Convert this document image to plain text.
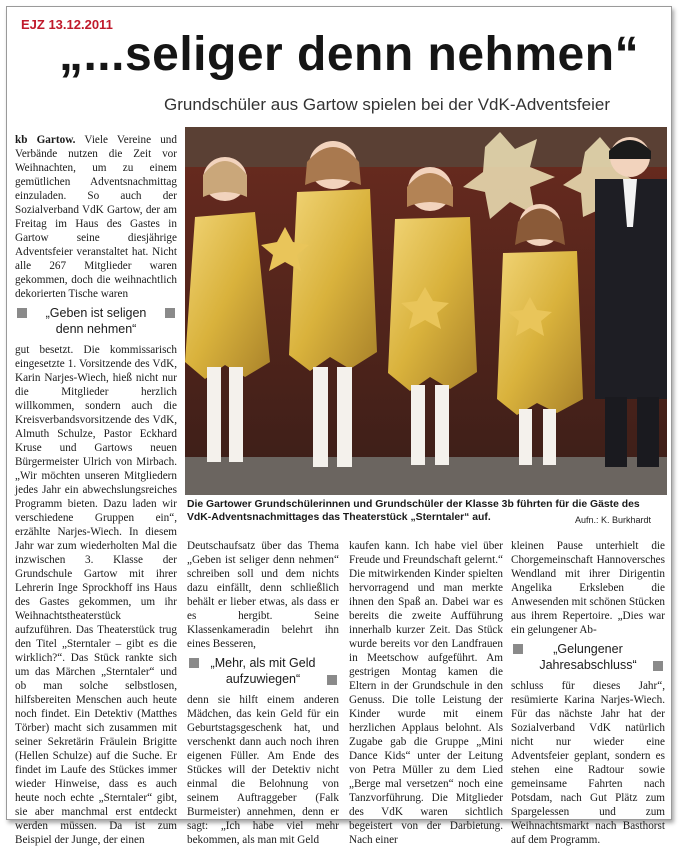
EJZ 13.12.2011
„...seliger denn nehmen“
Grundschüler aus Gartow spielen bei der VdK-Adventsfeier

kb Gartow. Viele Vereine und Verbände nutzen die Zeit vor Weihnachten, um zu einem gemütlichen Adventsnachmittag einzuladen. So auch der Sozialverband VdK Gartow, der am Freitag im Haus des Gastes in Gartow seine diesjährige Adventsfeier veranstaltet hat. Nicht alle 267 Mitglieder waren gekommen, doch die weihnachtlich dekorierten Tische waren

„Geben ist seligen denn nehmen“

gut besetzt. Die kommissarisch eingesetzte 1. Vorsitzende des VdK, Karin Narjes-Wiech, hieß nicht nur die Mitglieder herzlich willkommen, sondern auch die Kreisverbandsvorsitzende des VdK, Almuth Schulze, Pastor Eckhard Kruse und Gartows neuen Bürgermeister Ulrich von Mirbach. „Wir möchten unseren Mitgliedern jedes Jahr ein abwechslungsreiches Programm bieten. Dazu laden wir verschiedene Gruppen ein“, erzählte Narjes-Wiech. In diesem Jahr war zum wiederholten Mal die inzwischen 3. Klasse der Grundschule Gartow mit ihrer Lehrerin Inge Sprockhoff ins Haus des Gastes gekommen, um ihr Weihnachtstheaterstück aufzuführen. Das Theaterstück trug den Titel „Sterntaler – gibt es die wirklich?“. Das Stück rankte sich um das Märchen „Sterntaler“ und ob man solche selbstlosen, hilfsbereiten Menschen auch heute noch findet. Ein Detektiv (Matthes Törber) macht sich zusammen mit seiner Sekretärin Fräulein Brigitte (Hellen Schulze) auf die Suche. Er findet im Laufe des Stückes immer wieder Hinweise, dass es auch heute noch echte „Sterntaler“ gibt, sie aber manchmal erst entdeckt werden müssen. Da ist zum Beispiel der Junge, der einen

Die Gartower Grundschülerinnen und Grundschüler der Klasse 3b führten für die Gäste des VdK-Adventsnachmittages das Theaterstück „Sterntaler“ auf.	Aufn.: K. Burkhardt

Deutschaufsatz über das Thema „Geben ist seliger denn nehmen“ schreiben soll und dem nichts dazu einfällt, denn schließlich behält er lieber etwas, als dass er es hergibt. Seine Klassenkameradin belehrt ihn eines Besseren,

„Mehr, als mit Geld aufzuwiegen“

denn sie hilft einem anderen Mädchen, das kein Geld für ein Geburtstagsgeschenk hat, und verschenkt dann auch noch ihren eigenen Füller. Am Ende des Stückes will der Detektiv nicht einmal die Belohnung von seinem Auftraggeber (Falk Burmeister) annehmen, denn er sagt: „Ich habe viel mehr bekommen, als man mit Geld

kaufen kann. Ich habe viel über Freude und Freundschaft gelernt.“ Die mitwirkenden Kinder spielten hervorragend und man merkte ihnen den Spaß an. Dabei war es bereits die zweite Aufführung innerhalb kurzer Zeit. Das Stück wurde bereits vor den Landfrauen in Meetschow aufgeführt. Am gestrigen Montag kamen die Eltern in der Grundschule in den Genuss. Die tolle Leistung der Kinder wurde mit einem herzlichen Applaus belohnt. Als Zugabe gab die Gruppe „Mini Dance Kids“ unter der Leitung von Petra Müller zu dem Lied „Berge mal versetzen“ noch eine Tanzvorführung. Die Mitglieder des VdK waren sichtlich begeistert von der Darbietung. Nach einer

kleinen Pause unterhielt die Chorgemeinschaft Hannoversches Wendland mit ihrer Dirigentin Angelika Erksleben die Anwesenden mit schönen Stücken aus ihrem Repertoire. „Dies war ein gelungener Ab-

„Gelungener Jahresabschluss“

schluss für dieses Jahr“, resümierte Karina Narjes-Wiech. Für das nächste Jahr hat der Sozialverband VdK natürlich nicht nur wieder eine Adventsfeier geplant, sondern es stehen eine Radtour sowie gemeinsame Fahrten nach Potsdam, nach Gut Plätz zum Spargelessen und zum Weihnachtsmarkt nach Basthorst auf dem Programm.
